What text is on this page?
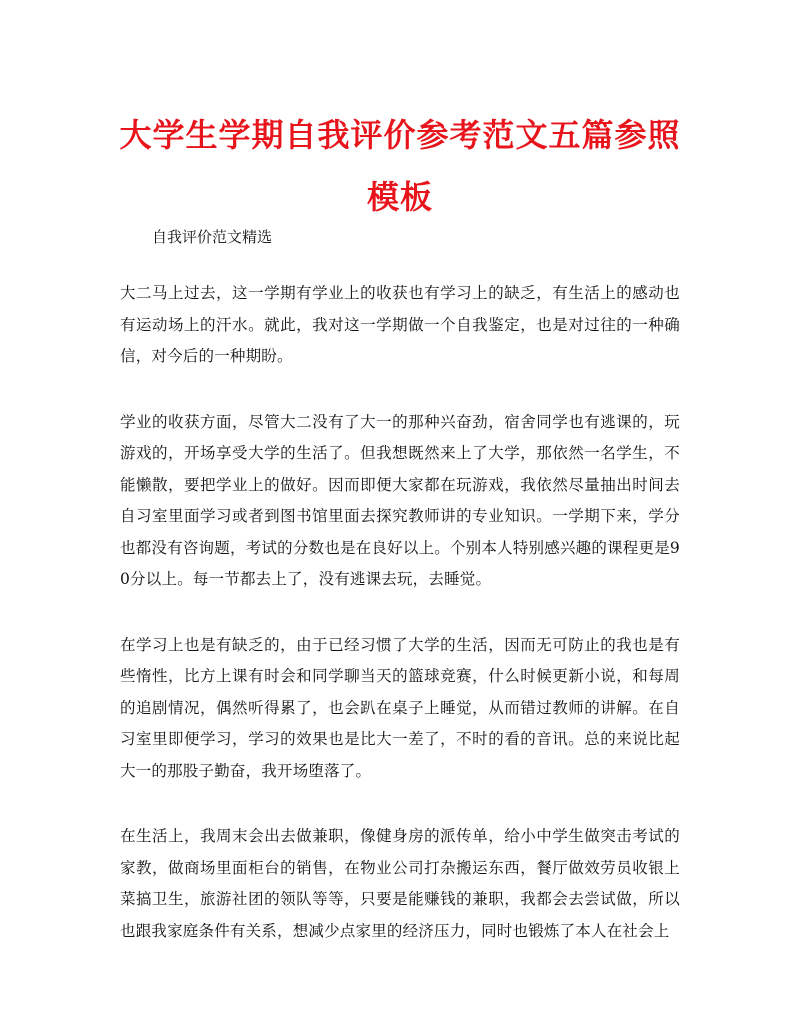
大学生学期自我评价参考范文五篇参照模板

自我评价范文精选

大二马上过去，这一学期有学业上的收获也有学习上的缺乏，有生活上的感动也有运动场上的汗水。就此，我对这一学期做一个自我鉴定，也是对过往的一种确信，对今后的一种期盼。

学业的收获方面，尽管大二没有了大一的那种兴奋劲，宿舍同学也有逃课的，玩游戏的，开场享受大学的生活了。但我想既然来上了大学，那依然一名学生，不能懒散，要把学业上的做好。因而即便大家都在玩游戏，我依然尽量抽出时间去自习室里面学习或者到图书馆里面去探究教师讲的专业知识。一学期下来，学分也都没有咨询题，考试的分数也是在良好以上。个别本人特别感兴趣的课程更是90分以上。每一节都去上了，没有逃课去玩，去睡觉。

在学习上也是有缺乏的，由于已经习惯了大学的生活，因而无可防止的我也是有些惰性，比方上课有时会和同学聊当天的篮球竞赛，什么时候更新小说，和每周的追剧情况，偶然听得累了，也会趴在桌子上睡觉，从而错过教师的讲解。在自习室里即便学习，学习的效果也是比大一差了，不时的看的音讯。总的来说比起大一的那股子勤奋，我开场堕落了。

在生活上，我周末会出去做兼职，像健身房的派传单，给小中学生做突击考试的家教，做商场里面柜台的销售，在物业公司打杂搬运东西，餐厅做效劳员收银上菜搞卫生，旅游社团的领队等等，只要是能赚钱的兼职，我都会去尝试做，所以也跟我家庭条件有关系，想减少点家里的经济压力，同时也锻炼了本人在社会上
